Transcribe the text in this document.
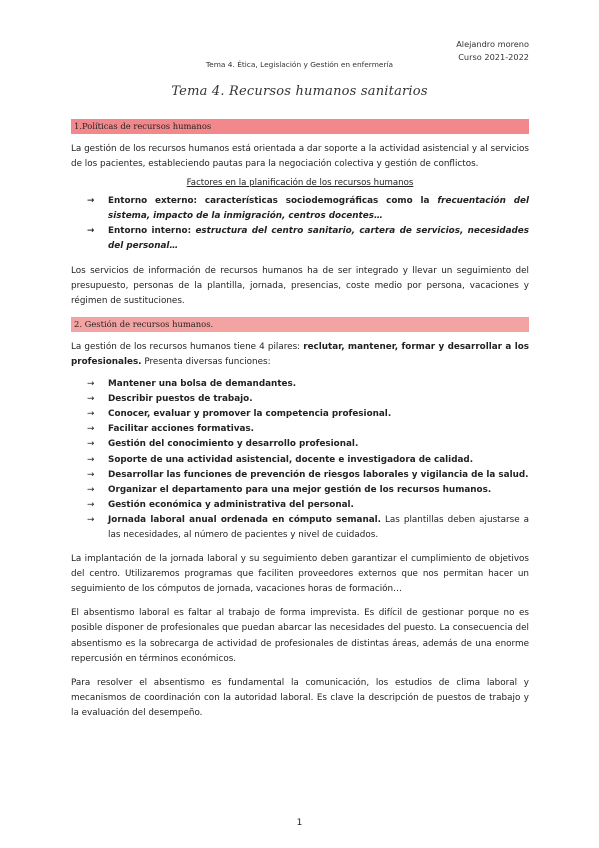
Alejandro moreno
Curso 2021-2022
Tema 4. Ética, Legislación y Gestión en enfermería
Tema 4. Recursos humanos sanitarios
1.Políticas de recursos humanos

La gestión de los recursos humanos está orientada a dar soporte a la actividad asistencial y al servicios de los pacientes, estableciendo pautas para la negociación colectiva y gestión de conflictos.

Factores en la planificación de los recursos humanos
→ Entorno externo: características sociodemográficas como la frecuentación del sistema, impacto de la inmigración, centros docentes…
→ Entorno interno: estructura del centro sanitario, cartera de servicios, necesidades del personal…

Los servicios de información de recursos humanos ha de ser integrado y llevar un seguimiento del presupuesto, personas de la plantilla, jornada, presencias, coste medio por persona, vacaciones y régimen de sustituciones.

2. Gestión de recursos humanos.

La gestión de los recursos humanos tiene 4 pilares: reclutar, mantener, formar y desarrollar a los profesionales. Presenta diversas funciones:

→ Mantener una bolsa de demandantes.
→ Describir puestos de trabajo.
→ Conocer, evaluar y promover la competencia profesional.
→ Facilitar acciones formativas.
→ Gestión del conocimiento y desarrollo profesional.
→ Soporte de una actividad asistencial, docente e investigadora de calidad.
→ Desarrollar las funciones de prevención de riesgos laborales y vigilancia de la salud.
→ Organizar el departamento para una mejor gestión de los recursos humanos.
→ Gestión económica y administrativa del personal.
→ Jornada laboral anual ordenada en cómputo semanal. Las plantillas deben ajustarse a las necesidades, al número de pacientes y nivel de cuidados.

La implantación de la jornada laboral y su seguimiento deben garantizar el cumplimiento de objetivos del centro. Utilizaremos programas que faciliten proveedores externos que nos permitan hacer un seguimiento de los cómputos de jornada, vacaciones horas de formación…

El absentismo laboral es faltar al trabajo de forma imprevista. Es difícil de gestionar porque no es posible disponer de profesionales que puedan abarcar las necesidades del puesto. La consecuencia del absentismo es la sobrecarga de actividad de profesionales de distintas áreas, además de una enorme repercusión en términos económicos.

Para resolver el absentismo es fundamental la comunicación, los estudios de clima laboral y mecanismos de coordinación con la autoridad laboral. Es clave la descripción de puestos de trabajo y la evaluación del desempeño.

1
